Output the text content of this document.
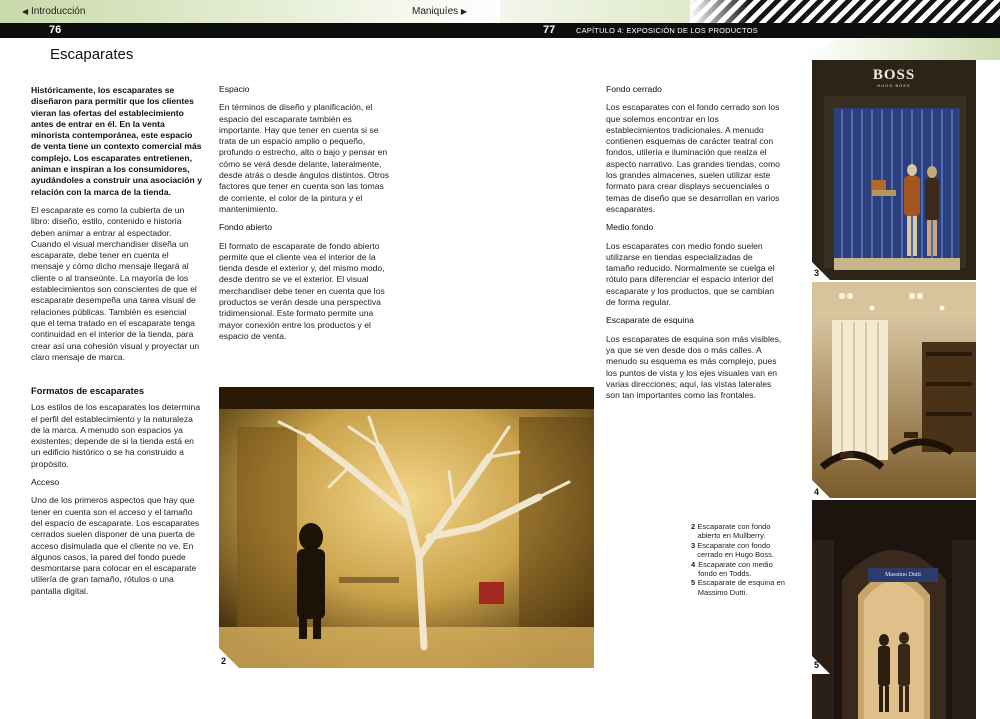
◀ Introducción	Maniquíes ▶
76	77	CAPÍTULO 4: EXPOSICIÓN DE LOS PRODUCTOS
Escaparates

Históricamente, los escaparates se diseñaron para permitir que los clientes vieran las ofertas del establecimiento antes de entrar en él. En la venta minorista contemporánea, este espacio de venta tiene un contexto comercial más complejo. Los escaparates entretienen, animan e inspiran a los consumidores, ayudándoles a construir una asociación y relación con la marca de la tienda.

El escaparate es como la cubierta de un libro: diseño, estilo, contenido e historia deben animar a entrar al espectador. Cuando el visual merchandiser diseña un escaparate, debe tener en cuenta el mensaje y cómo dicho mensaje llegará al cliente o al transeúnte. La mayoría de los establecimientos son conscientes de que el escaparate desempeña una tarea visual de relaciones públicas. También es esencial que el tema tratado en el escaparate tenga continuidad en el interior de la tienda, para crear así una cohesión visual y proyectar un claro mensaje de marca.

Formatos de escaparates

Los estilos de los escaparates los determina el perfil del establecimiento y la naturaleza de la marca. A menudo son espacios ya existentes; depende de si la tienda está en un edificio histórico o se ha construido a propósito.

Acceso

Uno de los primeros aspectos que hay que tener en cuenta son el acceso y el tamaño del espacio de escaparate. Los escaparates cerrados suelen disponer de una puerta de acceso disimulada que el cliente no ve. En algunos casos, la pared del fondo puede desmontarse para colocar en el escaparate utilería de gran tamaño, rótulos o una pantalla digital.

Espacio

En términos de diseño y planificación, el espacio del escaparate también es importante. Hay que tener en cuenta si se trata de un espacio amplio o pequeño, profundo o estrecho, alto o bajo y pensar en cómo se verá desde delante, lateralmente, desde atrás o desde ángulos distintos. Otros factores que tener en cuenta son las tomas de corriente, el color de la pintura y el mantenimiento.

Fondo abierto

El formato de escaparate de fondo abierto permite que el cliente vea el interior de la tienda desde el exterior y, del mismo modo, desde dentro se ve el exterior. El visual merchandiser debe tener en cuenta que los productos se verán desde una perspectiva tridimensional. Este formato permite una mayor conexión entre los productos y el espacio de venta.

Fondo cerrado

Los escaparates con el fondo cerrado son los que solemos encontrar en los establecimientos tradicionales. A menudo contienen esquemas de carácter teatral con fondos, utilería e iluminación que realza el aspecto narrativo. Las grandes tiendas, como los grandes almacenes, suelen utilizar este formato para crear displays secuenciales o temas de diseño que se desarrollan en varios escaparates.

Medio fondo

Los escaparates con medio fondo suelen utilizarse en tiendas especializadas de tamaño reducido. Normalmente se cuelga el rótulo para diferenciar el espacio interior del escaparate y los productos, que se cambian de forma regular.

Escaparate de esquina

Los escaparates de esquina son más visibles, ya que se ven desde dos o más calles. A menudo su esquema es más complejo, pues los puntos de vista y los ejes visuales van en varias direcciones; aquí, las vistas laterales son tan importantes como las frontales.

2
2 Escaparate con fondo abierto en Mullberry.
3 Escaparate con fondo cerrado en Hugo Boss.
4 Escaparate con medio fondo en Todds.
5 Escaparate de esquina en Massimo Dutti.
BOSS
HUGO BOSS
3
4
Massimo Dutti
5
